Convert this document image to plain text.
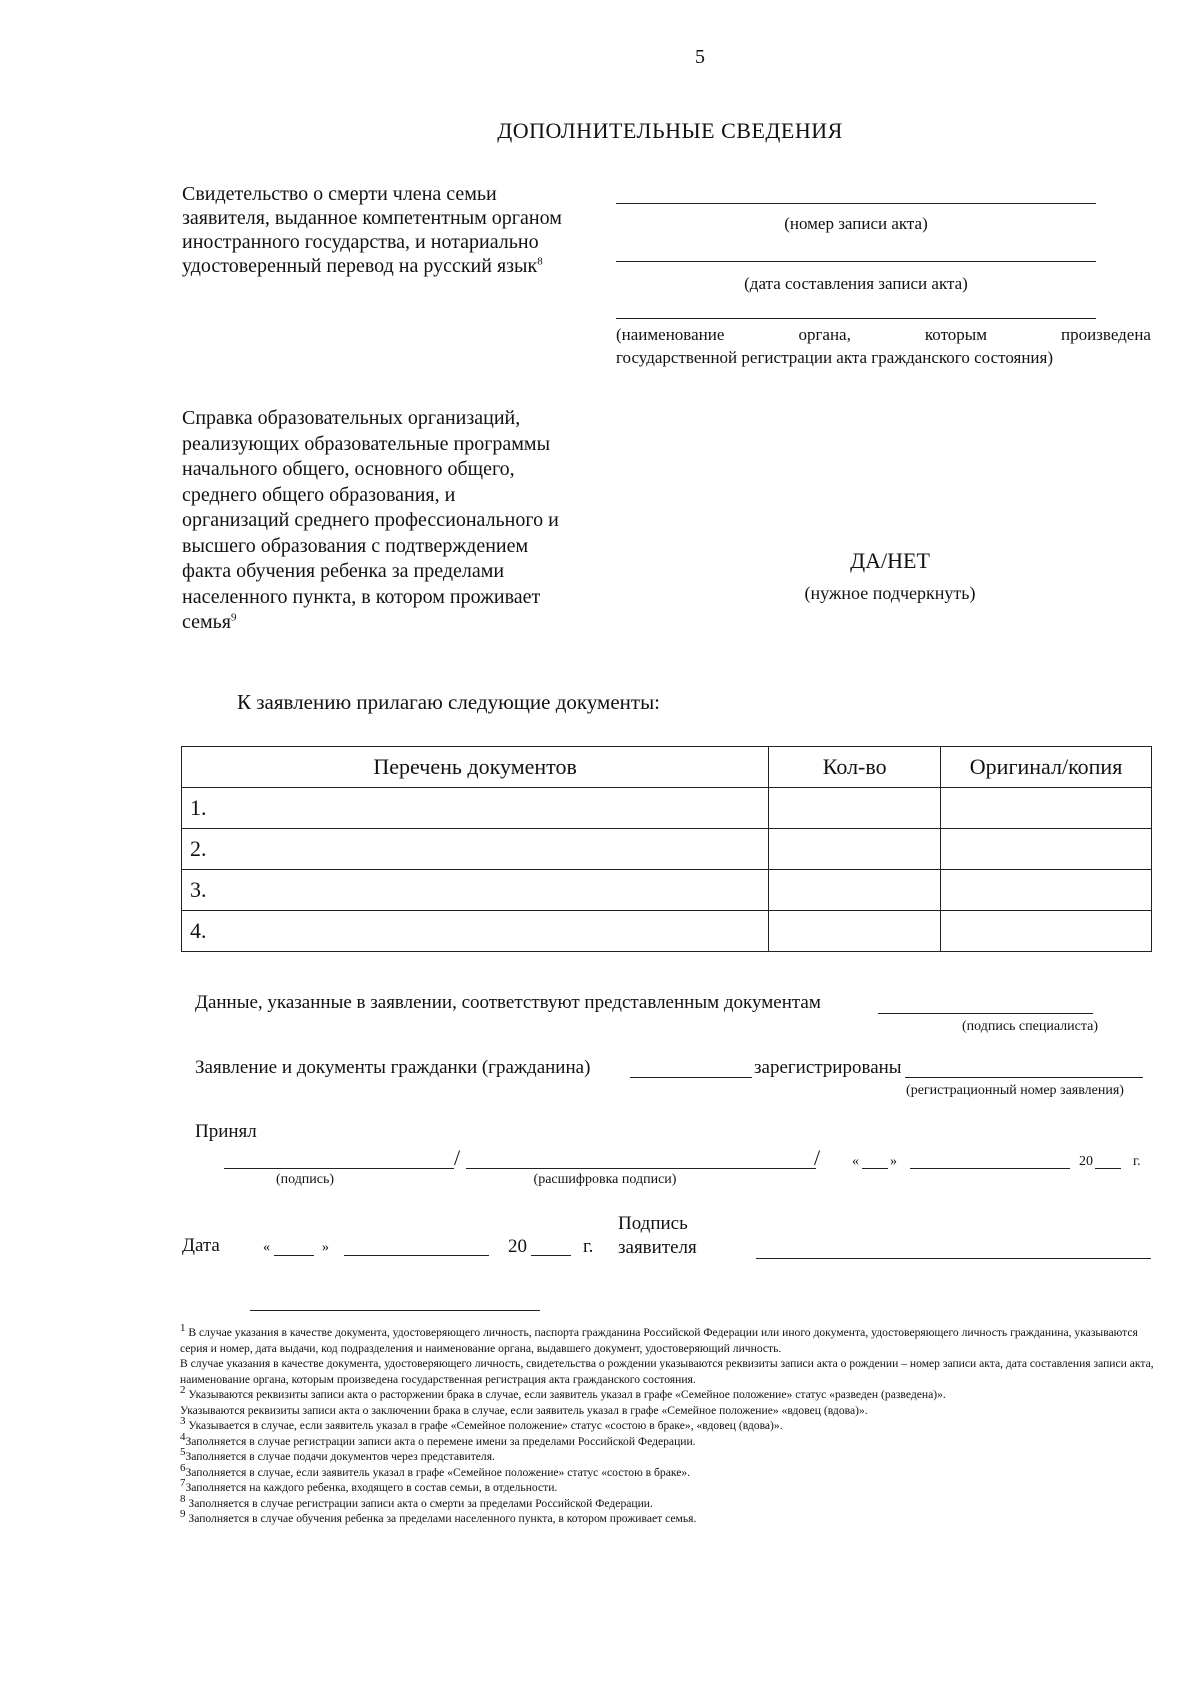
5
ДОПОЛНИТЕЛЬНЫЕ СВЕДЕНИЯ
Свидетельство о смерти члена семьи
заявителя, выданное компетентным органом
иностранного государства, и нотариально
удостоверенный перевод на русский язык$^8$
(номер записи акта)
(дата составления записи акта)
(наименование	органа,	которым	произведена
государственной регистрации акта гражданского состояния)
Справка образовательных организаций,
реализующих образовательные программы
начального общего, основного общего,
среднего общего образования, и
организаций среднего профессионального и
высшего образования с подтверждением
факта обучения ребенка за пределами
населенного пункта, в котором проживает
семья$^9$
ДА/НЕТ
(нужное подчеркнуть)
К заявлению прилагаю следующие документы:
Перечень документов	Кол-во	Оригинал/копия
1.		
2.		
3.		
4.		
Данные, указанные в заявлении, соответствуют представленным документам
(подпись специалиста)
Заявление и документы гражданки (гражданина)	зарегистрированы
(регистрационный номер заявления)
Принял
/	/
(подпись)	(расшифровка подписи)
« »	20	г.
Дата	«	»	20	г.
Подпись
заявителя

$^1$ В случае указания в качестве документа, удостоверяющего личность, паспорта гражданина Российской Федерации или иного документа, удостоверяющего личность гражданина, указываются серия и номер, дата выдачи, код подразделения и наименование органа, выдавшего документ, удостоверяющий личность.

В случае указания в качестве документа, удостоверяющего личность, свидетельства о рождении указываются реквизиты записи акта о рождении – номер записи акта, дата составления записи акта, наименование органа, которым произведена государственная регистрация акта гражданского состояния.

$^2$ Указываются реквизиты записи акта о расторжении брака в случае, если заявитель указал в графе «Семейное положение» статус «разведен (разведена)».

Указываются реквизиты записи акта о заключении брака в случае, если заявитель указал в графе «Семейное положение» «вдовец (вдова)».

$^3$ Указывается в случае, если заявитель указал в графе «Семейное положение» статус «состою в браке», «вдовец (вдова)».

$^4$Заполняется в случае регистрации записи акта о перемене имени за пределами Российской Федерации.

$^5$Заполняется в случае подачи документов через представителя.

$^6$Заполняется в случае, если заявитель указал в графе «Семейное положение» статус «состою в браке».

$^7$Заполняется на каждого ребенка, входящего в состав семьи, в отдельности.

$^8$ Заполняется в случае регистрации записи акта о смерти за пределами Российской Федерации.

$^9$ Заполняется в случае обучения ребенка за пределами населенного пункта, в котором проживает семья.
